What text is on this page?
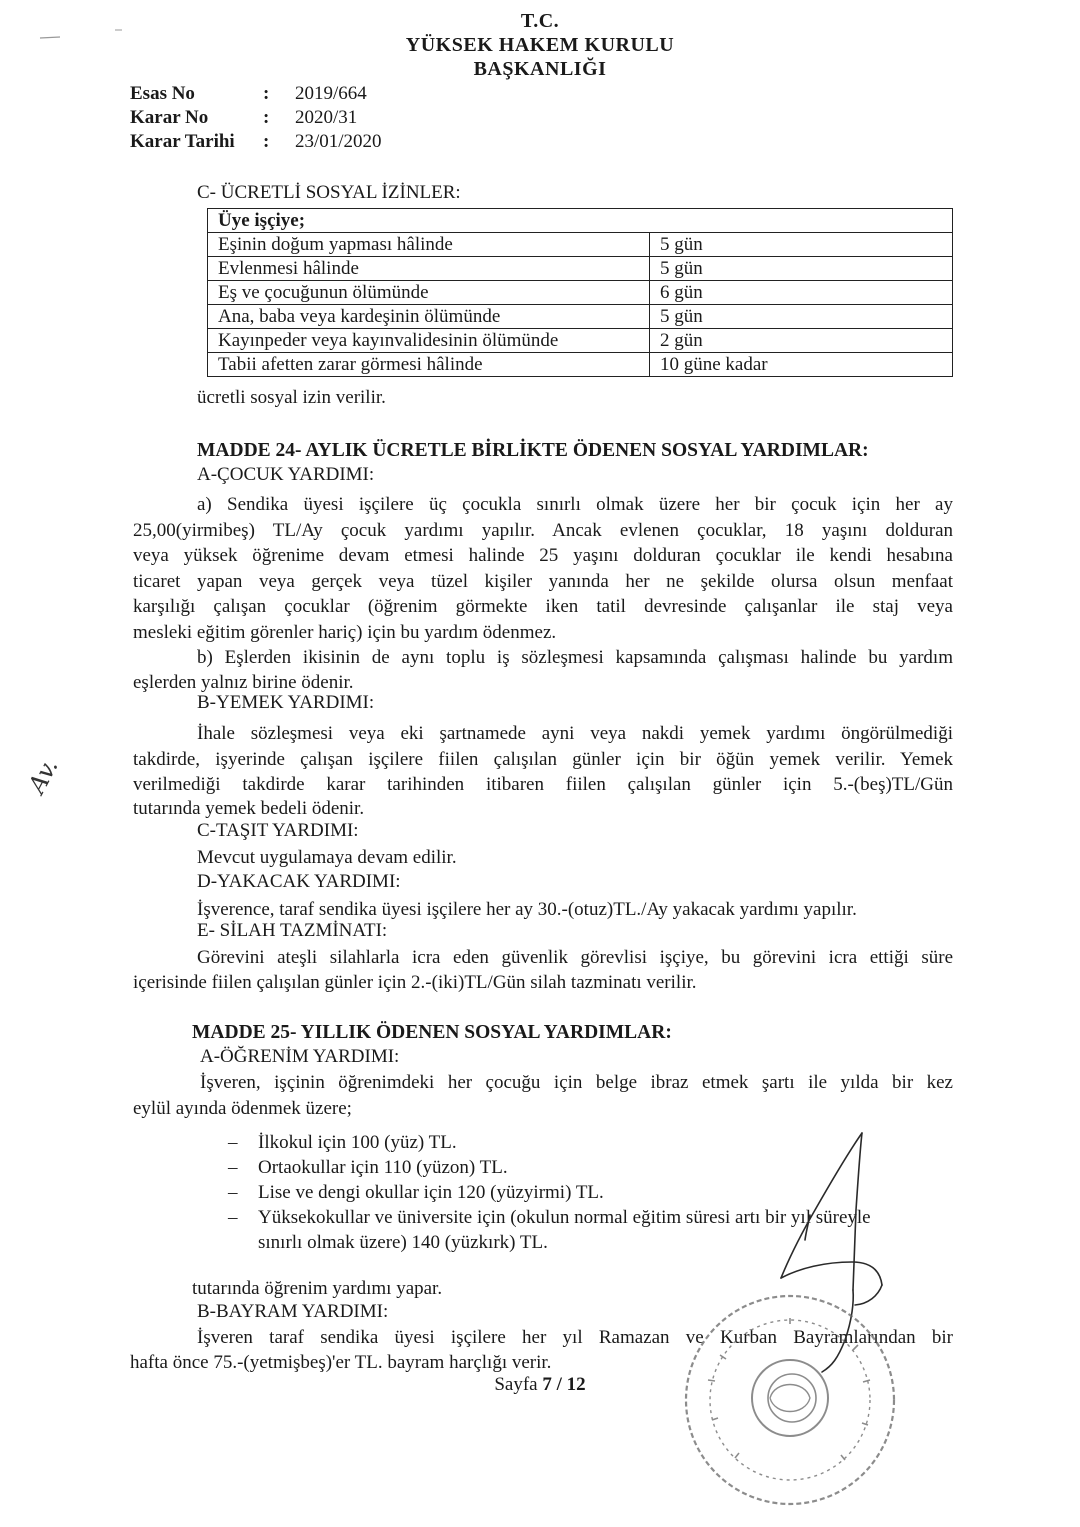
T.C.
YÜKSEK HAKEM KURULU
BAŞKANLIĞI
Esas No	: 2019/664
Karar No	: 2020/31
Karar Tarihi : 23/01/2020
C- ÜCRETLİ SOSYAL İZİNLER:
Üye işçiye;	
Eşinin doğum yapması hâlinde	5 gün
Evlenmesi hâlinde	5 gün
Eş ve çocuğunun ölümünde	6 gün
Ana, baba veya kardeşinin ölümünde	5 gün
Kayınpeder veya kayınvalidesinin ölümünde	2 gün
Tabii afetten zarar görmesi hâlinde	10 güne kadar
ücretli sosyal izin verilir.
MADDE 24- AYLIK ÜCRETLE BİRLİKTE ÖDENEN SOSYAL YARDIMLAR:
A-ÇOCUK YARDIMI:
a) Sendika üyesi işçilere üç çocukla sınırlı olmak üzere her bir çocuk için her ay
25,00(yirmibeş) TL/Ay çocuk yardımı yapılır. Ancak evlenen çocuklar, 18 yaşını dolduran
veya yüksek öğrenime devam etmesi halinde 25 yaşını dolduran çocuklar ile kendi hesabına
ticaret yapan veya gerçek veya tüzel kişiler yanında her ne şekilde olursa olsun menfaat
karşılığı çalışan çocuklar (öğrenim görmekte iken tatil devresinde çalışanlar ile staj veya
mesleki eğitim görenler hariç) için bu yardım ödenmez.
b) Eşlerden ikisinin de aynı toplu iş sözleşmesi kapsamında çalışması halinde bu yardım
eşlerden yalnız birine ödenir.
B-YEMEK YARDIMI:
İhale sözleşmesi veya eki şartnamede ayni veya nakdi yemek yardımı öngörülmediği
takdirde, işyerinde çalışan işçilere fiilen çalışılan günler için bir öğün yemek verilir. Yemek
verilmediği takdirde karar tarihinden itibaren fiilen çalışılan günler için 5.-(beş)TL/Gün
tutarında yemek bedeli ödenir.
C-TAŞIT YARDIMI:
Mevcut uygulamaya devam edilir.
D-YAKACAK YARDIMI:
İşverence, taraf sendika üyesi işçilere her ay 30.-(otuz)TL./Ay yakacak yardımı yapılır.
E- SİLAH TAZMİNATI:
Görevini ateşli silahlarla icra eden güvenlik görevlisi işçiye, bu görevini icra ettiği süre
içerisinde fiilen çalışılan günler için 2.-(iki)TL/Gün silah tazminatı verilir.
MADDE 25- YILLIK ÖDENEN SOSYAL YARDIMLAR:
A-ÖĞRENİM YARDIMI:
İşveren, işçinin öğrenimdeki her çocuğu için belge ibraz etmek şartı ile yılda bir kez
eylül ayında ödenmek üzere;
– İlkokul için 100 (yüz) TL.
– Ortaokullar için 110 (yüzon) TL.
– Lise ve dengi okullar için 120 (yüzyirmi) TL.
– Yüksekokullar ve üniversite için (okulun normal eğitim süresi artı bir yıl süreyle
sınırlı olmak üzere) 140 (yüzkırk) TL.
tutarında öğrenim yardımı yapar.
B-BAYRAM YARDIMI:
İşveren taraf sendika üyesi işçilere her yıl Ramazan ve Kurban Bayramlarından bir
hafta önce 75.-(yetmişbeş)'er TL. bayram harçlığı verir.
Sayfa 7 / 12
Av.
